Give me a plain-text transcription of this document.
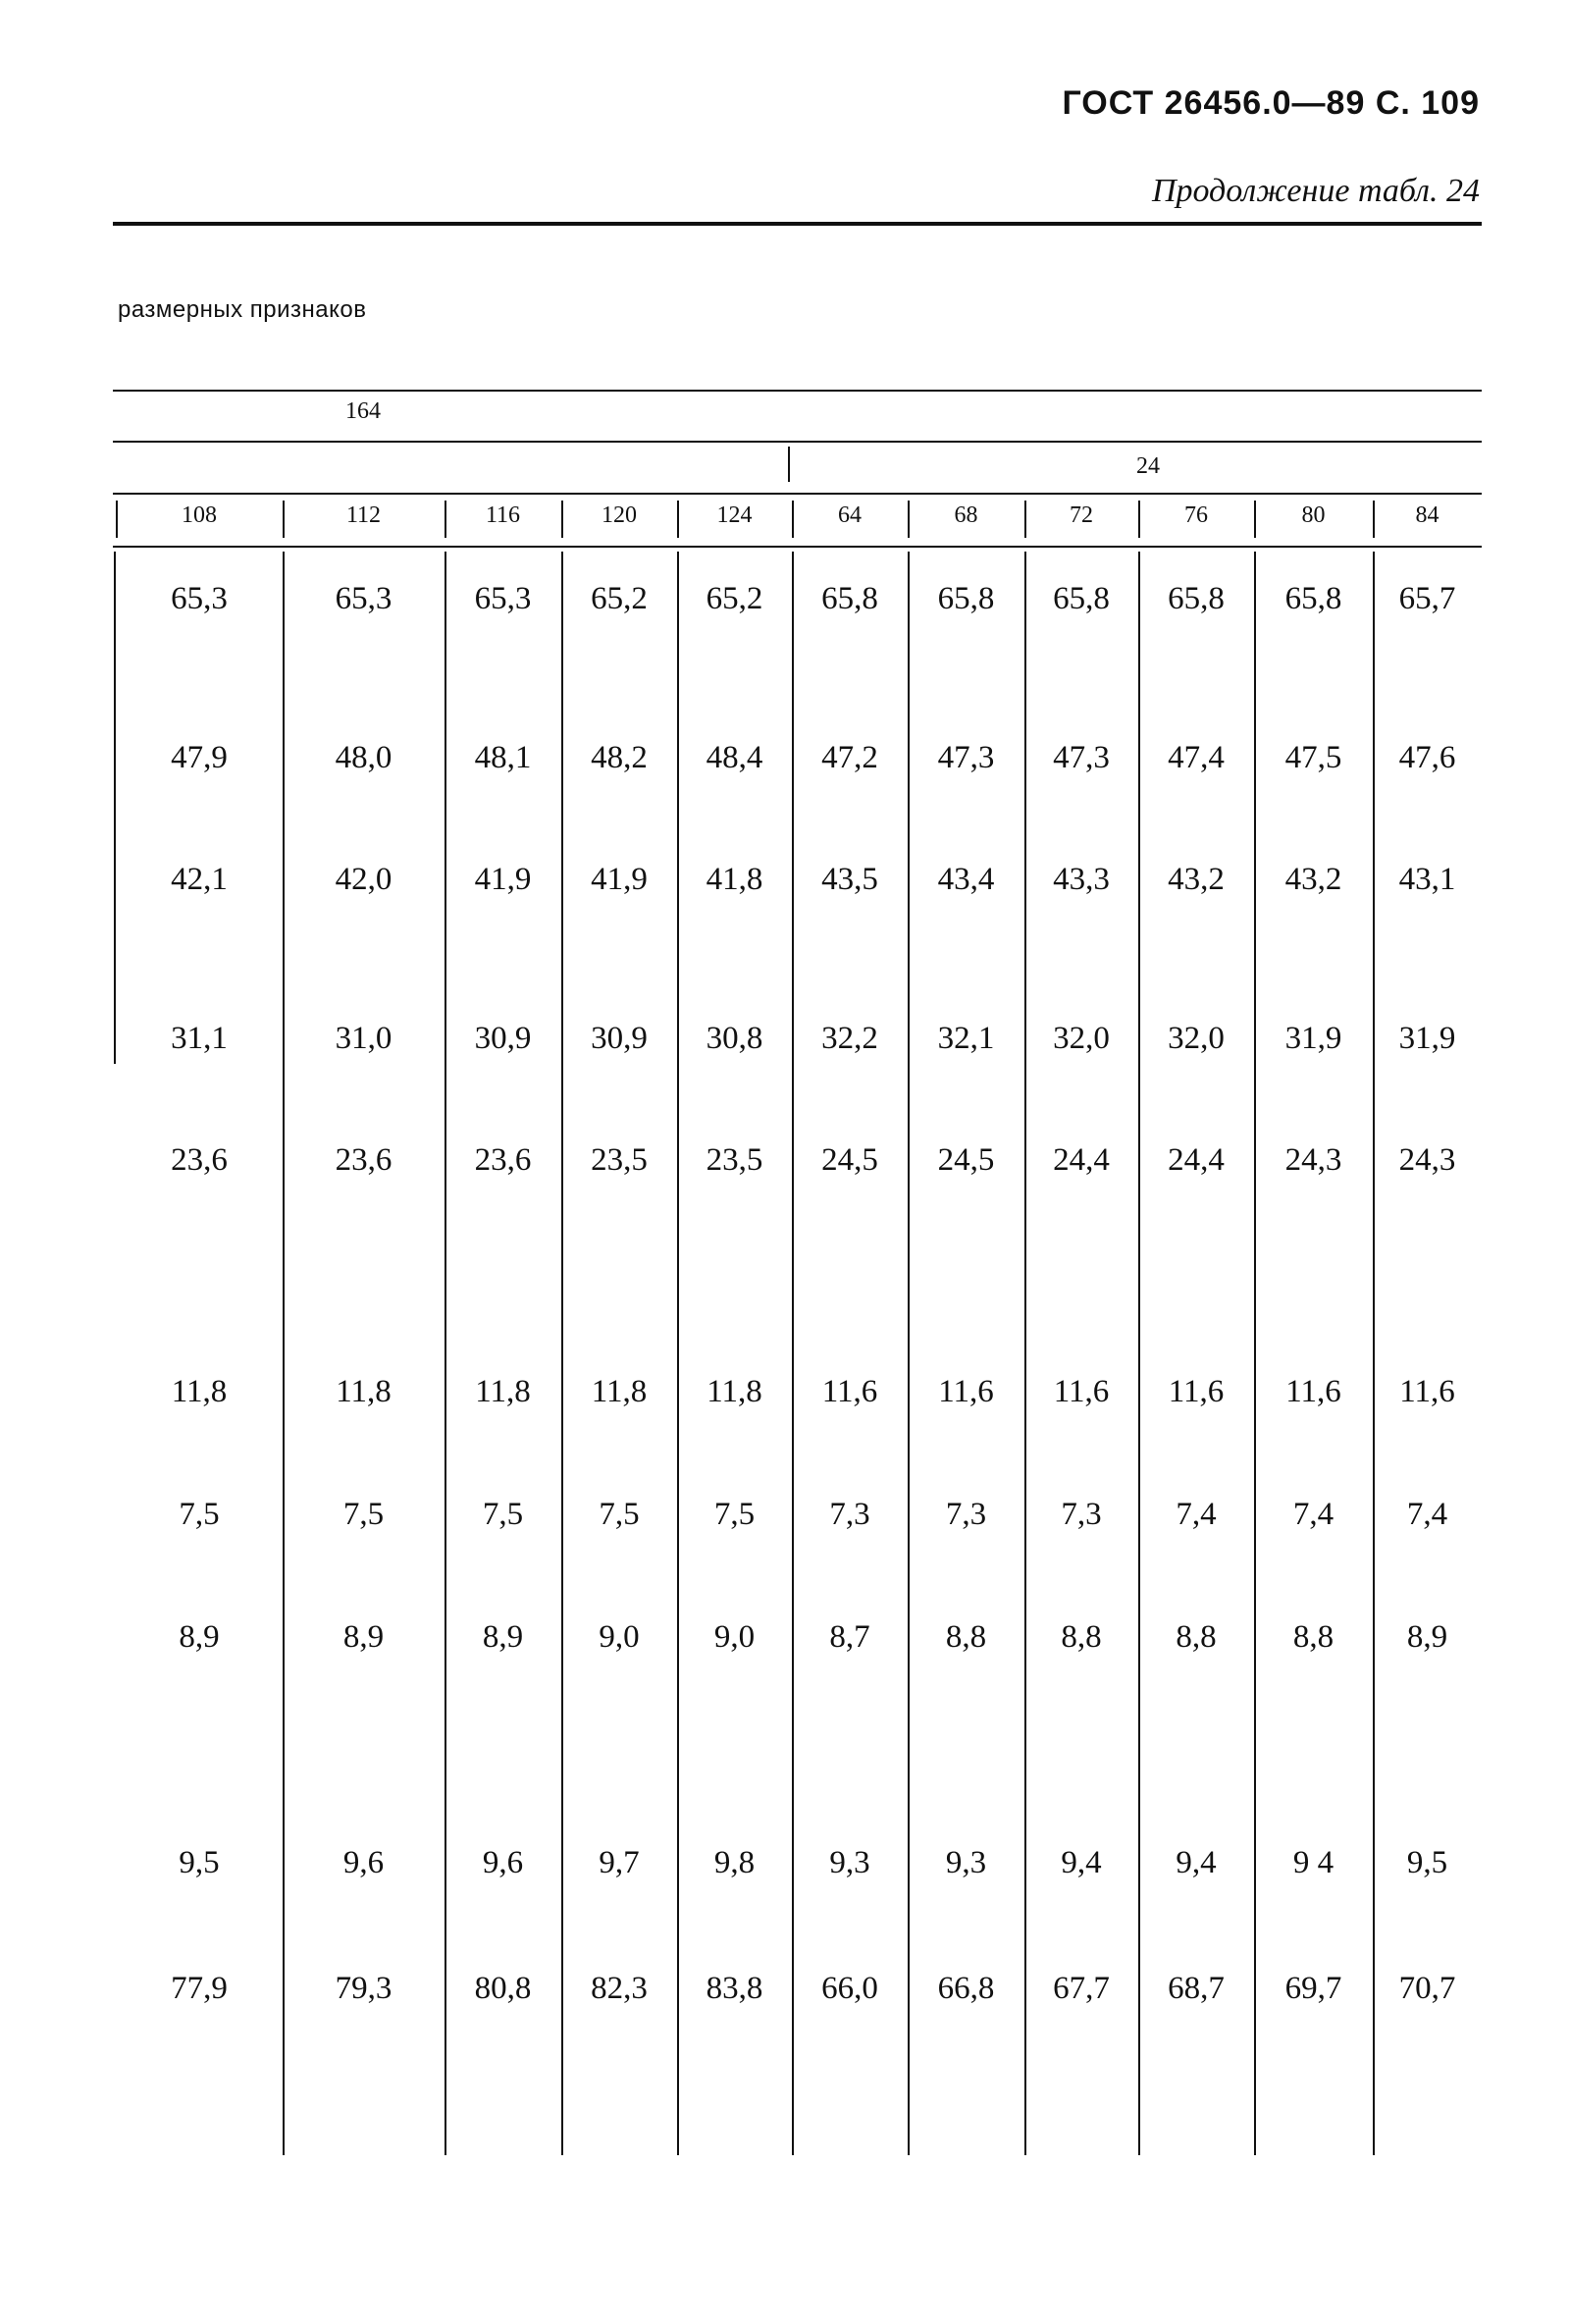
ГОСТ 26456.0—89 С. 109
Продолжение табл. 24
размерных признаков
164
24
108	112	116	120	124	64	68	72	76	80	84
65,3	65,3	65,3	65,2	65,2	65,8	65,8	65,8	65,8	65,8	65,7
47,9	48,0	48,1	48,2	48,4	47,2	47,3	47,3	47,4	47,5	47,6
42,1	42,0	41,9	41,9	41,8	43,5	43,4	43,3	43,2	43,2	43,1
31,1	31,0	30,9	30,9	30,8	32,2	32,1	32,0	32,0	31,9	31,9
23,6	23,6	23,6	23,5	23,5	24,5	24,5	24,4	24,4	24,3	24,3
11,8	11,8	11,8	11,8	11,8	11,6	11,6	11,6	11,6	11,6	11,6
7,5	7,5	7,5	7,5	7,5	7,3	7,3	7,3	7,4	7,4	7,4
8,9	8,9	8,9	9,0	9,0	8,7	8,8	8,8	8,8	8,8	8,9
9,5	9,6	9,6	9,7	9,8	9,3	9,3	9,4	9,4	9 4	9,5
77,9	79,3	80,8	82,3	83,8	66,0	66,8	67,7	68,7	69,7	70,7
